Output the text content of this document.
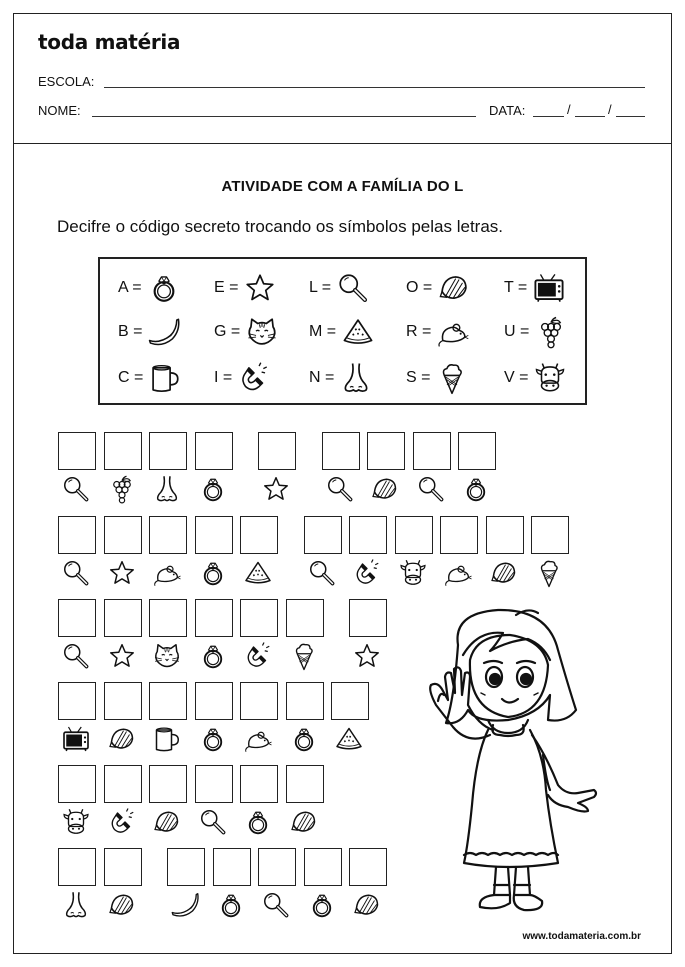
toda matéria
ESCOLA:
NOME:	DATA:	/	/
ATIVIDADE COM A FAMÍLIA DO L
Decifre o código secreto trocando os símbolos pelas letras.
A =	E =	L =	O =	T =
B =	G =	M =	R =	U =
C =	I =	N =	S =	V =
www.todamateria.com.br
